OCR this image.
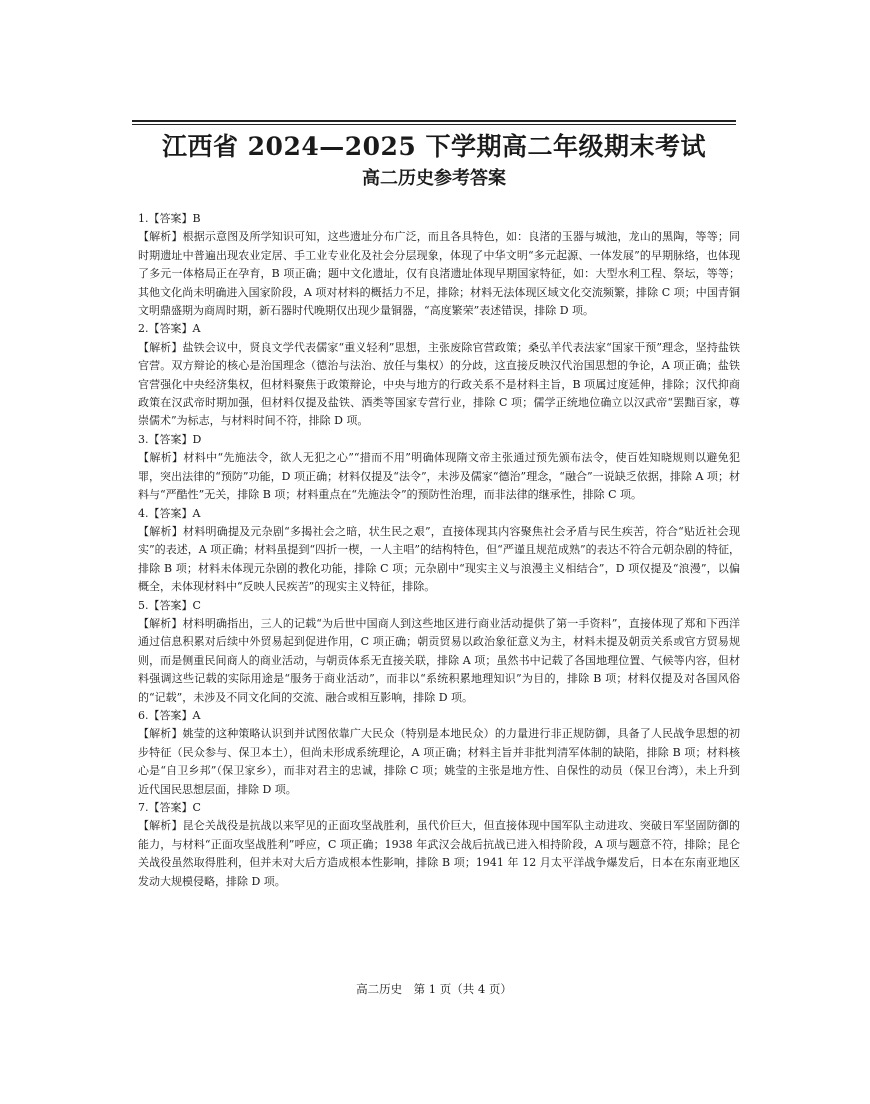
江西省 2024—2025 下学期高二年级期末考试
高二历史参考答案

1.【答案】B

【解析】根据示意图及所学知识可知，这些遗址分布广泛，而且各具特色，如：良渚的玉器与城池，龙山的黑陶，等等；同时期遗址中普遍出现农业定居、手工业专业化及社会分层现象，体现了中华文明“多元起源、一体发展”的早期脉络，也体现了多元一体格局正在孕育，B 项正确；题中文化遗址，仅有良渚遗址体现早期国家特征，如：大型水利工程、祭坛，等等；其他文化尚未明确进入国家阶段，A 项对材料的概括力不足，排除；材料无法体现区域文化交流频繁，排除 C 项；中国青铜文明鼎盛期为商周时期，新石器时代晚期仅出现少量铜器，“高度繁荣”表述错误，排除 D 项。

2.【答案】A

【解析】盐铁会议中，贤良文学代表儒家“重义轻利”思想，主张废除官营政策；桑弘羊代表法家“国家干预”理念，坚持盐铁官营。双方辩论的核心是治国理念（德治与法治、放任与集权）的分歧，这直接反映汉代治国思想的争论，A 项正确；盐铁官营强化中央经济集权，但材料聚焦于政策辩论，中央与地方的行政关系不是材料主旨，B 项属过度延伸，排除；汉代抑商政策在汉武帝时期加强，但材料仅提及盐铁、酒类等国家专营行业，排除 C 项；儒学正统地位确立以汉武帝“罢黜百家，尊崇儒术”为标志，与材料时间不符，排除 D 项。

3.【答案】D

【解析】材料中“先施法令，欲人无犯之心”“措而不用”明确体现隋文帝主张通过预先颁布法令，使百姓知晓规则以避免犯罪，突出法律的“预防”功能，D 项正确；材料仅提及“法令”，未涉及儒家“德治”理念，“融合”一说缺乏依据，排除 A 项；材料与“严酷性”无关，排除 B 项；材料重点在“先施法令”的预防性治理，而非法律的继承性，排除 C 项。

4.【答案】A

【解析】材料明确提及元杂剧“多揭社会之暗，状生民之艰”，直接体现其内容聚焦社会矛盾与民生疾苦，符合“贴近社会现实”的表述，A 项正确；材料虽提到“四折一楔，一人主唱”的结构特色，但“严谨且规范成熟”的表达不符合元朝杂剧的特征，排除 B 项；材料未体现元杂剧的教化功能，排除 C 项；元杂剧中“现实主义与浪漫主义相结合”，D 项仅提及“浪漫”，以偏概全，未体现材料中“反映人民疾苦”的现实主义特征，排除。

5.【答案】C

【解析】材料明确指出，三人的记载“为后世中国商人到这些地区进行商业活动提供了第一手资料”，直接体现了郑和下西洋通过信息积累对后续中外贸易起到促进作用，C 项正确；朝贡贸易以政治象征意义为主，材料未提及朝贡关系或官方贸易规则，而是侧重民间商人的商业活动，与朝贡体系无直接关联，排除 A 项；虽然书中记载了各国地理位置、气候等内容，但材料强调这些记载的实际用途是“服务于商业活动”，而非以“系统积累地理知识”为目的，排除 B 项；材料仅提及对各国风俗的“记载”，未涉及不同文化间的交流、融合或相互影响，排除 D 项。

6.【答案】A

【解析】姚莹的这种策略认识到并试图依靠广大民众（特别是本地民众）的力量进行非正规防御，具备了人民战争思想的初步特征（民众参与、保卫本土），但尚未形成系统理论，A 项正确；材料主旨并非批判清军体制的缺陷，排除 B 项；材料核心是“自卫乡邦”（保卫家乡），而非对君主的忠诚，排除 C 项；姚莹的主张是地方性、自保性的动员（保卫台湾），未上升到近代国民思想层面，排除 D 项。

7.【答案】C

【解析】昆仑关战役是抗战以来罕见的正面攻坚战胜利，虽代价巨大，但直接体现中国军队主动进攻、突破日军坚固防御的能力，与材料“正面攻坚战胜利”呼应，C 项正确；1938 年武汉会战后抗战已进入相持阶段，A 项与题意不符，排除；昆仑关战役虽然取得胜利，但并未对大后方造成根本性影响，排除 B 项；1941 年 12 月太平洋战争爆发后，日本在东南亚地区发动大规模侵略，排除 D 项。

高二历史　第 1 页（共 4 页）
